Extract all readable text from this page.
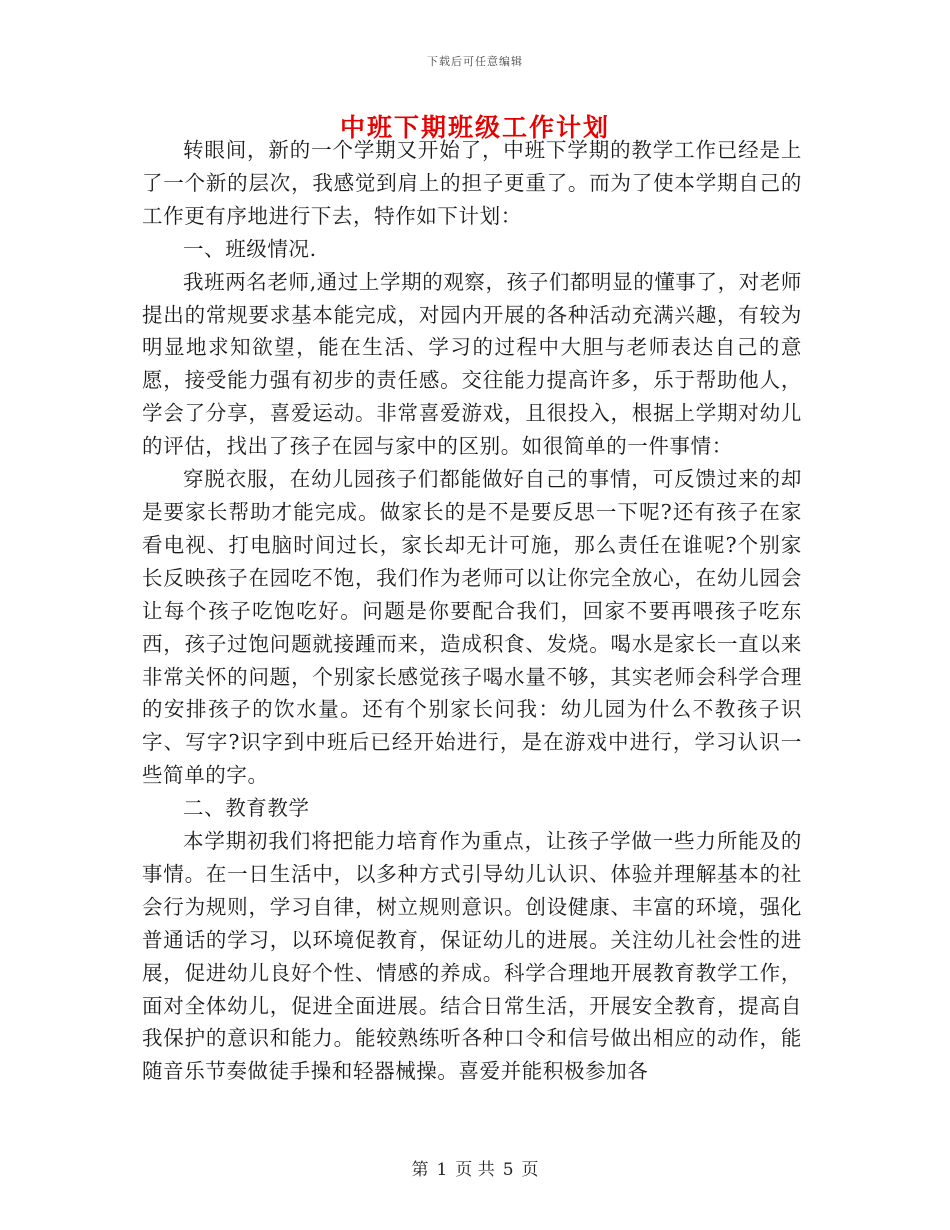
下载后可任意编辑
中班下期班级工作计划

转眼间，新的一个学期又开始了，中班下学期的教学工作已经是上了一个新的层次，我感觉到肩上的担子更重了。而为了使本学期自己的工作更有序地进行下去，特作如下计划：

一、班级情况.

我班两名老师,通过上学期的观察，孩子们都明显的懂事了，对老师提出的常规要求基本能完成，对园内开展的各种活动充满兴趣，有较为明显地求知欲望，能在生活、学习的过程中大胆与老师表达自己的意愿，接受能力强有初步的责任感。交往能力提高许多，乐于帮助他人，学会了分享，喜爱运动。非常喜爱游戏，且很投入，根据上学期对幼儿的评估，找出了孩子在园与家中的区别。如很简单的一件事情：

穿脱衣服，在幼儿园孩子们都能做好自己的事情，可反馈过来的却是要家长帮助才能完成。做家长的是不是要反思一下呢?还有孩子在家看电视、打电脑时间过长，家长却无计可施，那么责任在谁呢?个别家长反映孩子在园吃不饱，我们作为老师可以让你完全放心，在幼儿园会让每个孩子吃饱吃好。问题是你要配合我们，回家不要再喂孩子吃东西，孩子过饱问题就接踵而来，造成积食、发烧。喝水是家长一直以来非常关怀的问题，个别家长感觉孩子喝水量不够，其实老师会科学合理的安排孩子的饮水量。还有个别家长问我：幼儿园为什么不教孩子识字、写字?识字到中班后已经开始进行，是在游戏中进行，学习认识一些简单的字。

二、教育教学

本学期初我们将把能力培育作为重点，让孩子学做一些力所能及的事情。在一日生活中，以多种方式引导幼儿认识、体验并理解基本的社会行为规则，学习自律，树立规则意识。创设健康、丰富的环境，强化普通话的学习，以环境促教育，保证幼儿的进展。关注幼儿社会性的进展，促进幼儿良好个性、情感的养成。科学合理地开展教育教学工作，面对全体幼儿，促进全面进展。结合日常生活，开展安全教育，提高自我保护的意识和能力。能较熟练听各种口令和信号做出相应的动作，能随音乐节奏做徒手操和轻器械操。喜爱并能积极参加各

第 1 页 共 5 页
